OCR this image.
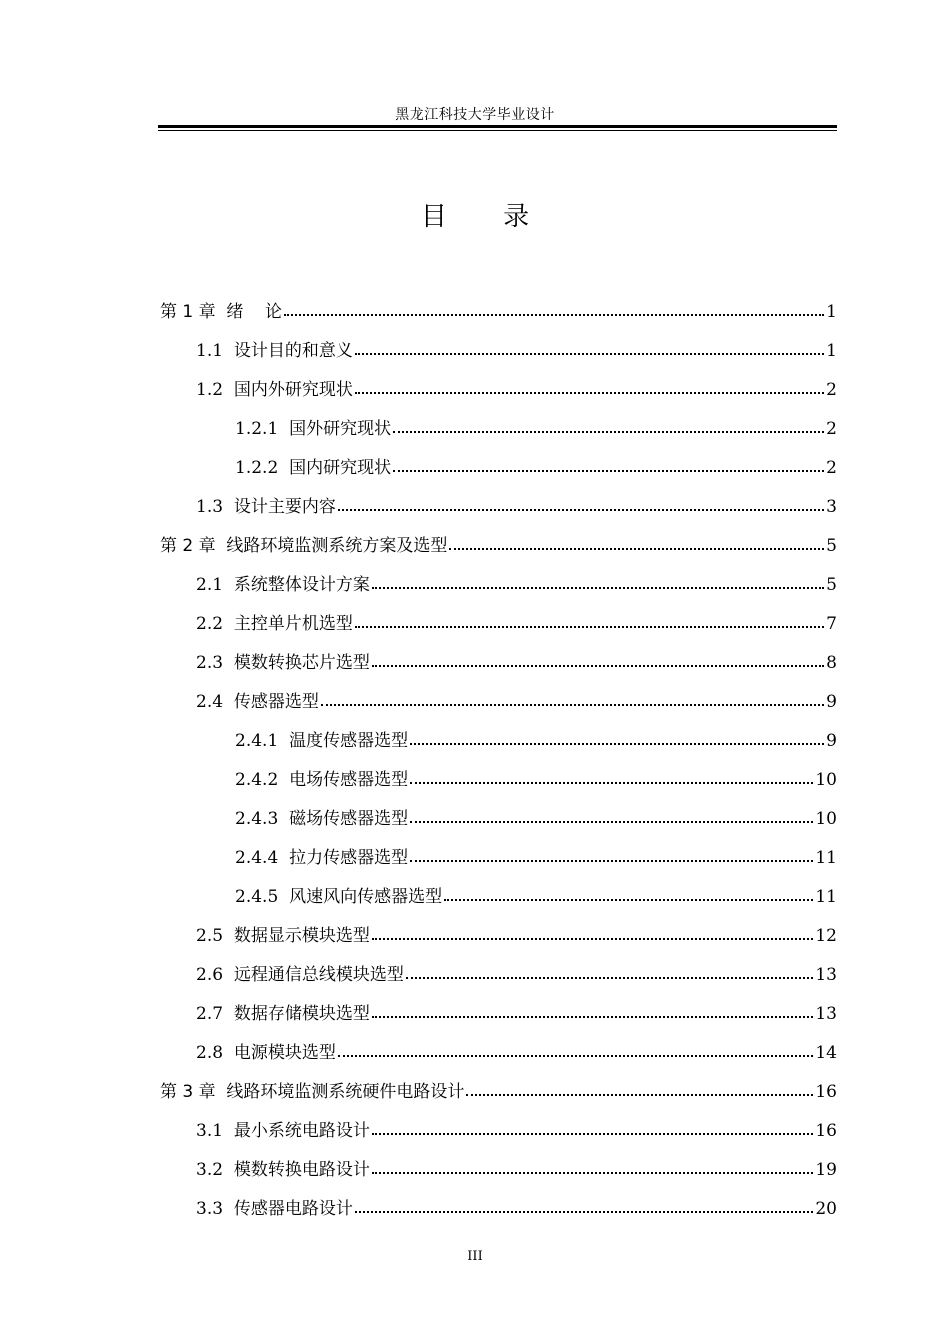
黑龙江科技大学毕业设计
目 录
第 1 章  绪    论	1
1.1  设计目的和意义	1
1.2  国内外研究现状	2
1.2.1  国外研究现状	2
1.2.2  国内研究现状	2
1.3  设计主要内容	3
第 2 章  线路环境监测系统方案及选型	5
2.1  系统整体设计方案	5
2.2  主控单片机选型	7
2.3  模数转换芯片选型	8
2.4  传感器选型	9
2.4.1  温度传感器选型	9
2.4.2  电场传感器选型	10
2.4.3  磁场传感器选型	10
2.4.4  拉力传感器选型	11
2.4.5  风速风向传感器选型	11
2.5  数据显示模块选型	12
2.6  远程通信总线模块选型	13
2.7  数据存储模块选型	13
2.8  电源模块选型	14
第 3 章  线路环境监测系统硬件电路设计	16
3.1  最小系统电路设计	16
3.2  模数转换电路设计	19
3.3  传感器电路设计	20
III
